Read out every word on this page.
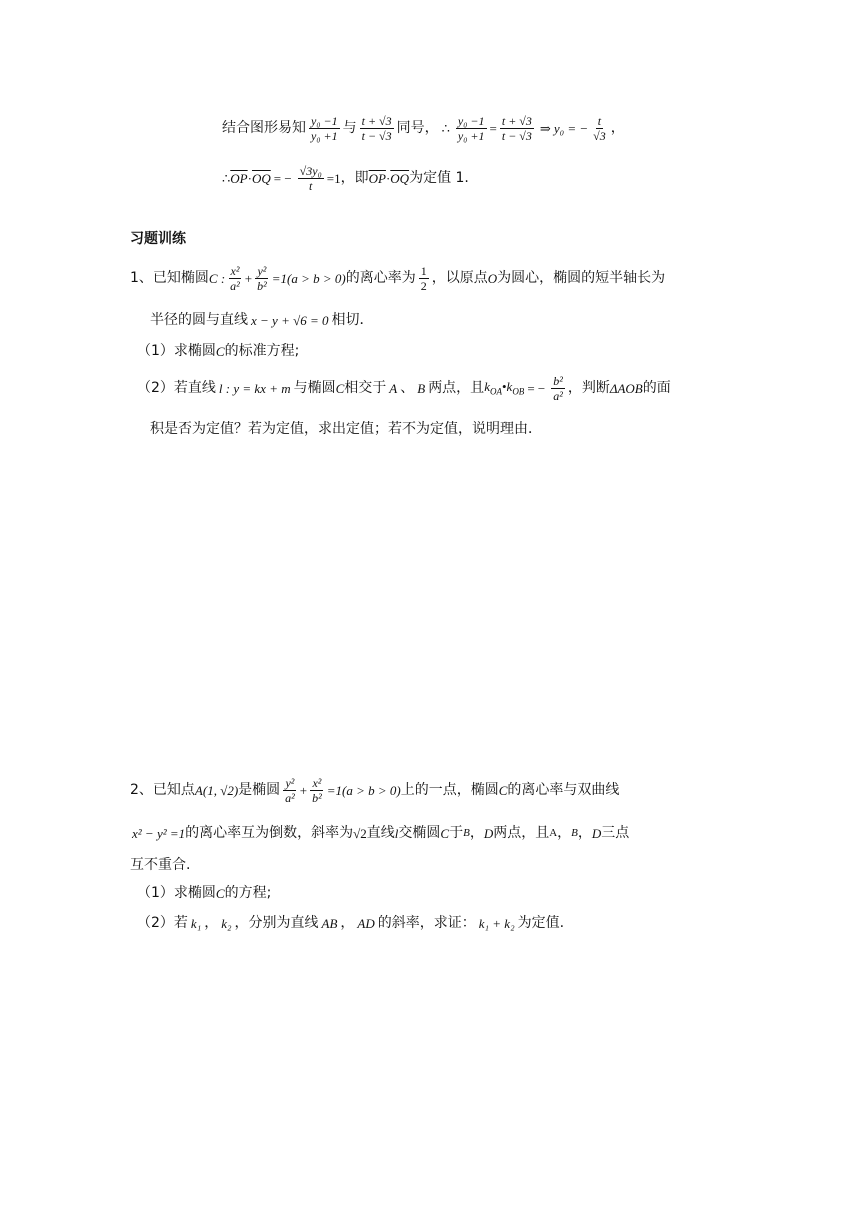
结合图形易知 $\frac{\text{y₀ −1}}{\text{y₀ +1}}$ 与 $\frac{t + √3}{t - √3}$ 同号， ∴ $\frac{\text{y₀ −1}}{\text{y₀ +1}} = \frac{t + √3}{t - √3}$ ⇒ y₀ = − $\frac{t}{√3}$ ，
∴ $\overline{OP} \cdot \overline{OQ}$ = − $\frac{\text{√3y₀}}{t} =1$ ，即 $\overline{OP} \cdot \overline{OQ}$ 为定值 1.
习题训练
1、已知椭圆 C : $\frac{\text{x²}}{\text{a²}} + \frac{\text{y²}}{\text{b²}} =1(a > b > 0)$ 的离心率为 $\frac{1}{2}$ ，以原点 O 为圆心，椭圆的短半轴长为
半径的圆与直线 x − y + √6 = 0 相切．
（1）求椭圆 C 的标准方程;
（2）若直线 l : y = kx + m 与椭圆 C 相交于 A 、 B 两点，且 $k_{OA}•k_{OB}$ = − $\frac{\text{b²}}{\text{a²}}$ ，判断 ΔAOB 的面
积是否为定值？若为定值，求出定值；若不为定值，说明理由．
2、已知点 A(1, √2) 是椭圆 $\frac{\text{y²}}{\text{a²}} + \frac{\text{x²}}{\text{b²}} =1(a > b > 0)$ 上的一点，椭圆 C 的离心率与双曲线
x² − y² =1 的离心率互为倒数，斜率为 √2 直线 l 交椭圆 C 于 B ， D 两点，且 A ， B ， D 三点
互不重合.
（1）求椭圆 C 的方程;
（2）若 k₁ ， k₂ ，分别为直线 AB ， AD 的斜率，求证： k₁ + k₂ 为定值.
